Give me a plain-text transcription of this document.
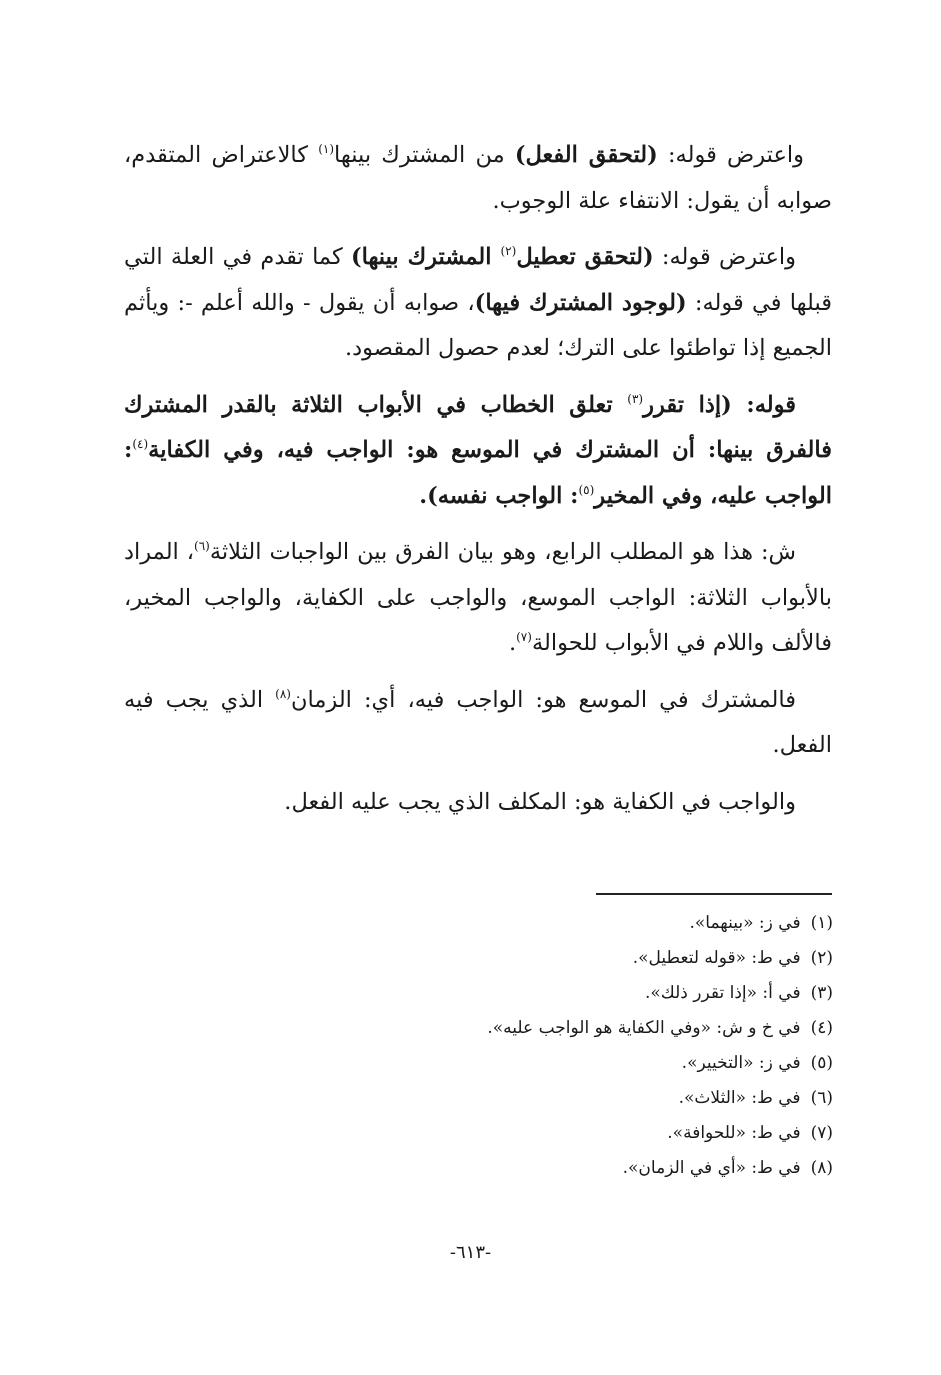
واعترض قوله: (لتحقق الفعل) من المشترك بينها$^{(١)}$ كالاعتراض المتقدم، صوابه أن يقول: الانتفاء علة الوجوب.

واعترض قوله: (لتحقق تعطيل$^{(٢)}$ المشترك بينها) كما تقدم في العلة التي قبلها في قوله: (لوجود المشترك فيها)، صوابه أن يقول - والله أعلم -: ويأثم الجميع إذا تواطئوا على الترك؛ لعدم حصول المقصود.

قوله: (إذا تقرر$^{(٣)}$ تعلق الخطاب في الأبواب الثلاثة بالقدر المشترك فالفرق بينها: أن المشترك في الموسع هو: الواجب فيه، وفي الكفاية$^{(٤)}$: الواجب عليه، وفي المخير$^{(٥)}$: الواجب نفسه).

ش: هذا هو المطلب الرابع، وهو بيان الفرق بين الواجبات الثلاثة$^{(٦)}$، المراد بالأبواب الثلاثة: الواجب الموسع، والواجب على الكفاية، والواجب المخير، فالألف واللام في الأبواب للحوالة$^{(٧)}$.

فالمشترك في الموسع هو: الواجب فيه، أي: الزمان$^{(٨)}$ الذي يجب فيه الفعل.

والواجب في الكفاية هو: المكلف الذي يجب عليه الفعل.

(١)في ز: «بينهما».
(٢)في ط: «قوله لتعطيل».
(٣)في أ: «إذا تقرر ذلك».
(٤)في خ و ش: «وفي الكفاية هو الواجب عليه».
(٥)في ز: «التخيير».
(٦)في ط: «الثلاث».
(٧)في ط: «للحوافة».
(٨)في ط: «أي في الزمان».
-٦١٣-
